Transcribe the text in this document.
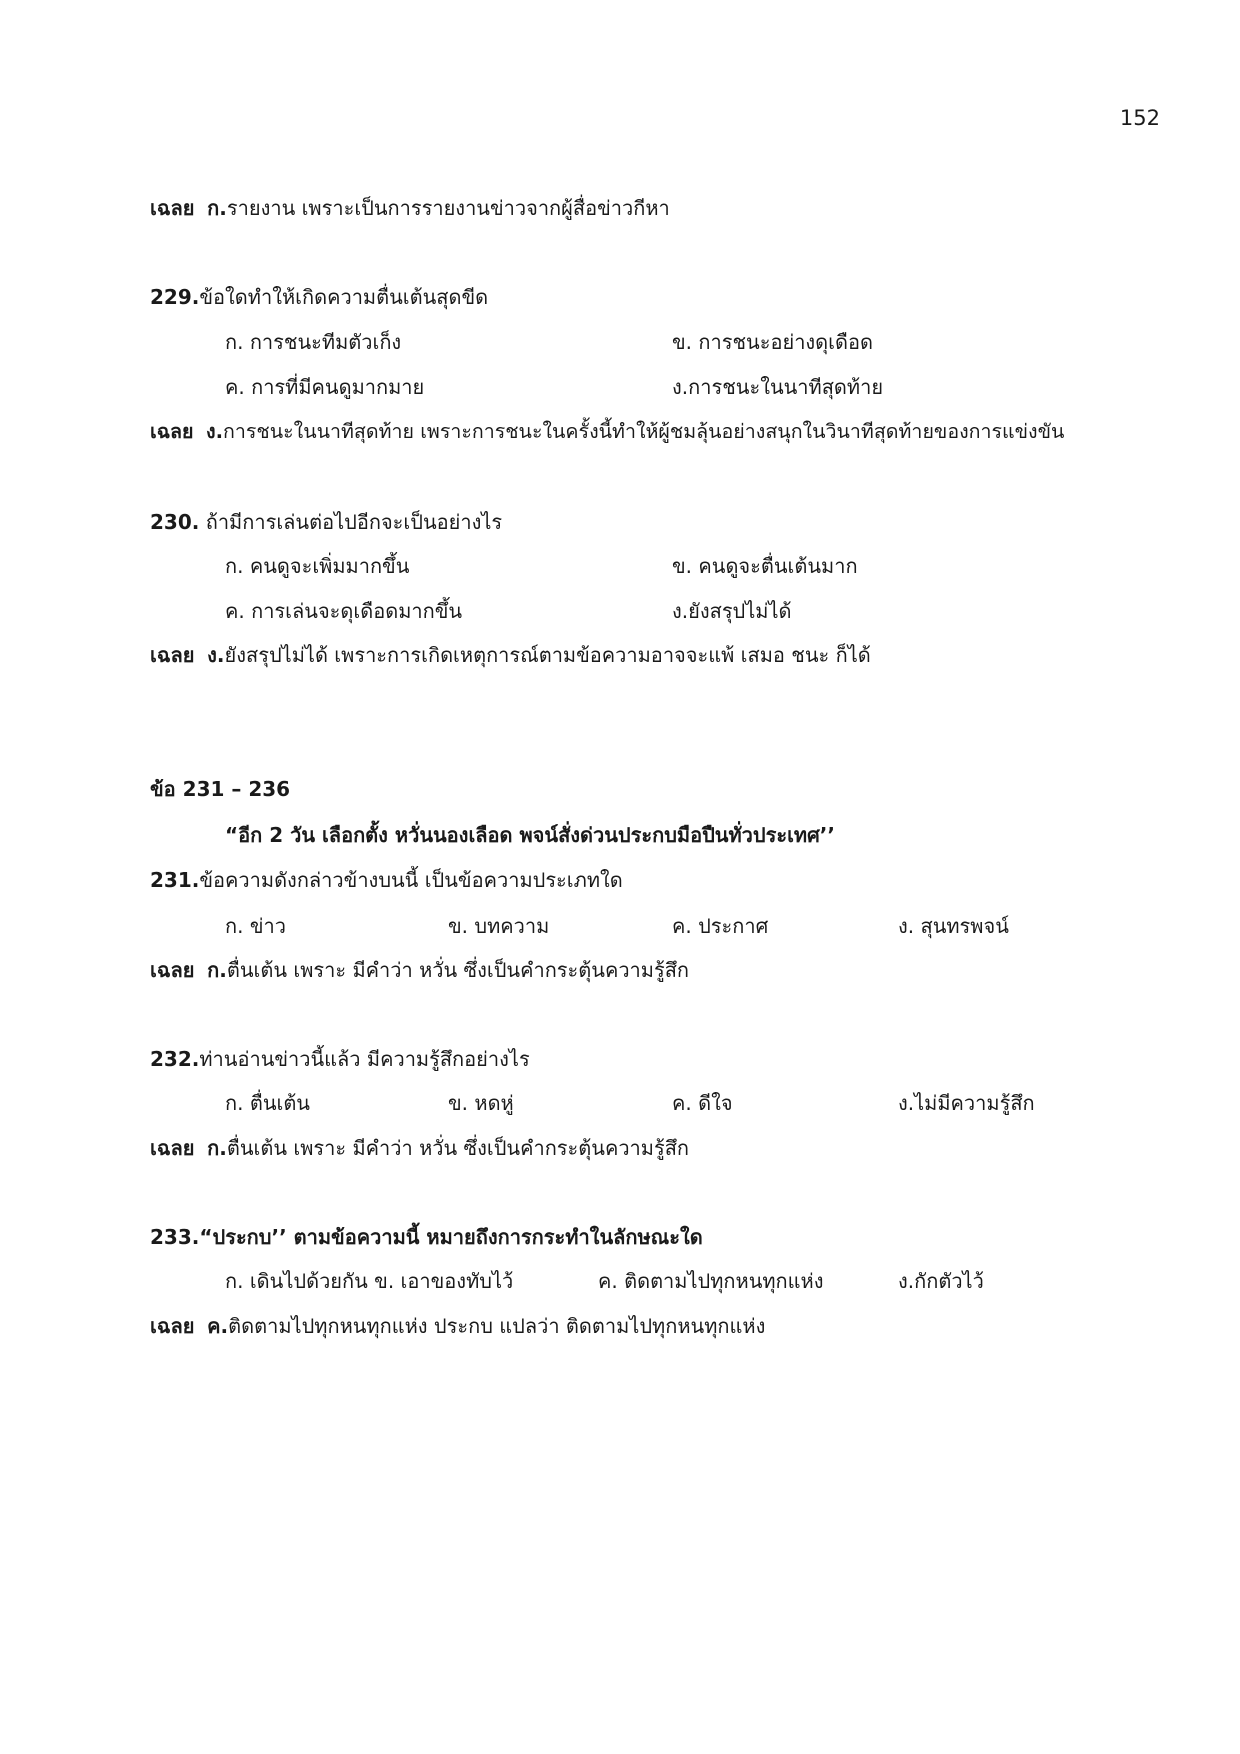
152
เฉลย ก.รายงาน เพราะเป็นการรายงานข่าวจากผู้สื่อข่าวกีหา
229.ข้อใดทำให้เกิดความตื่นเต้นสุดขีด
ก. การชนะทีมตัวเก็ง	ข. การชนะอย่างดุเดือด
ค. การที่มีคนดูมากมาย	ง.การชนะในนาทีสุดท้าย
เฉลย ง.การชนะในนาทีสุดท้าย เพราะการชนะในครั้งนี้ทำให้ผู้ชมลุ้นอย่างสนุกในวินาทีสุดท้ายของการแข่งขัน
230. ถ้ามีการเล่นต่อไปอีกจะเป็นอย่างไร
ก. คนดูจะเพิ่มมากขึ้น	ข. คนดูจะตื่นเต้นมาก
ค. การเล่นจะดุเดือดมากขึ้น	ง.ยังสรุปไม่ได้
เฉลย ง.ยังสรุปไม่ได้ เพราะการเกิดเหตุการณ์ตามข้อความอาจจะแพ้ เสมอ ชนะ ก็ได้
ข้อ 231 – 236
“อีก 2 วัน เลือกตั้ง หวั่นนองเลือด พจน์สั่งด่วนประกบมือปืนทั่วประเทศ’’
231.ข้อความดังกล่าวข้างบนนี้ เป็นข้อความประเภทใด
ก. ข่าว	ข. บทความ	ค. ประกาศ	ง. สุนทรพจน์
เฉลย ก.ตื่นเต้น เพราะ มีคำว่า หวั่น ซึ่งเป็นคำกระตุ้นความรู้สึก
232.ท่านอ่านข่าวนี้แล้ว มีความรู้สึกอย่างไร
ก. ตื่นเต้น	ข. หดหู่	ค. ดีใจ	ง.ไม่มีความรู้สึก
เฉลย ก.ตื่นเต้น เพราะ มีคำว่า หวั่น ซึ่งเป็นคำกระตุ้นความรู้สึก
233.“ประกบ’’ ตามข้อความนี้ หมายถึงการกระทำในลักษณะใด
ก. เดินไปด้วยกัน ข. เอาของทับไว้	ค. ติดตามไปทุกหนทุกแห่ง	ง.กักตัวไว้
เฉลย ค.ติดตามไปทุกหนทุกแห่ง ประกบ แปลว่า ติดตามไปทุกหนทุกแห่ง
